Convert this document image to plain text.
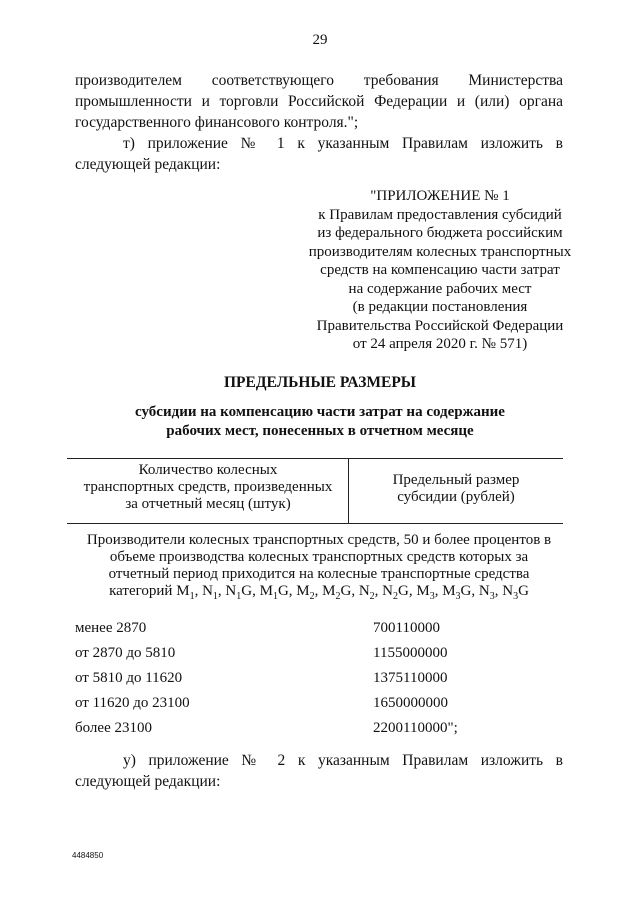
29
производителем соответствующего требования Министерства
промышленности и торговли Российской Федерации и (или) органа
государственного финансового контроля.";
т) приложение № 1 к указанным Правилам изложить в следующей редакции:
"ПРИЛОЖЕНИЕ № 1
к Правилам предоставления субсидий
из федерального бюджета российским
производителям колесных транспортных
средств на компенсацию части затрат
на содержание рабочих мест
(в редакции постановления
Правительства Российской Федерации
от 24 апреля 2020 г. № 571)
ПРЕДЕЛЬНЫЕ РАЗМЕРЫ
субсидии на компенсацию части затрат на содержание
рабочих мест, понесенных в отчетном месяце
Количество колесных
транспортных средств, произведенных
за отчетный месяц (штук)
Предельный размер
субсидии (рублей)
Производители колесных транспортных средств, 50 и более процентов в
объеме производства колесных транспортных средств которых за
отчетный период приходится на колесные транспортные средства
категорий $M_1$, $N_1$, $N_1G$, $M_1G$, $M_2$, $M_2G$, $N_2$, $N_2G$, $M_3$, $M_3G$, $N_3$, $N_3G$
менее 2870	700110000
от 2870 до 5810	1155000000
от 5810 до 11620	1375110000
от 11620 до 23100	1650000000
более 23100	2200110000";
у) приложение № 2 к указанным Правилам изложить в следующей редакции:
4484850
